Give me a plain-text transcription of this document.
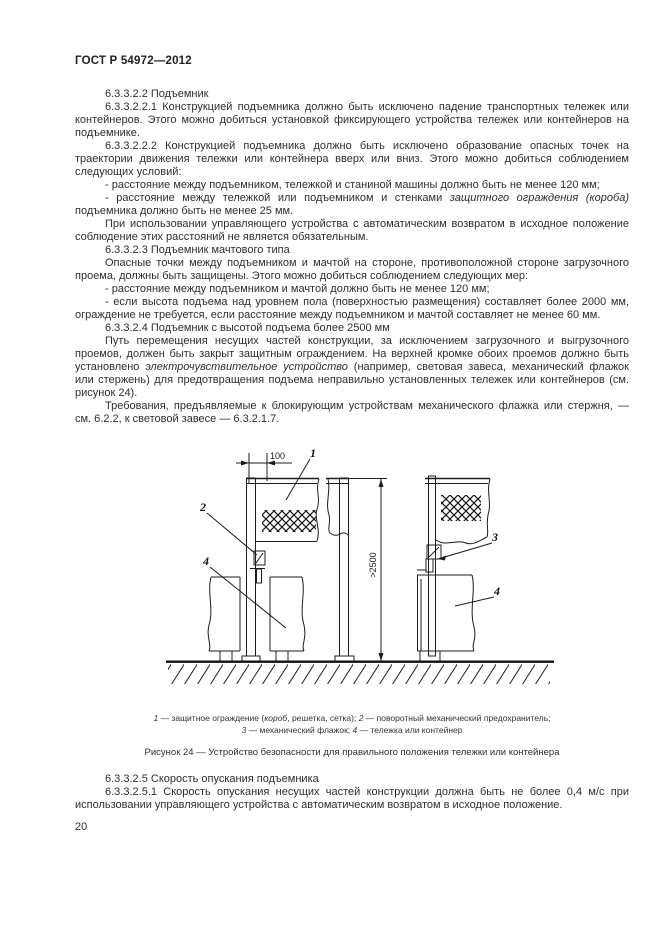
ГОСТ Р 54972—2012

6.3.3.2.2 Подъемник

6.3.3.2.2.1 Конструкцией подъемника должно быть исключено падение транспортных тележек или контейнеров. Этого можно добиться установкой фиксирующего устройства тележек или контейнеров на подъемнике.

6.3.3.2.2.2 Конструкцией подъемника должно быть исключено образование опасных точек на траектории движения тележки или контейнера вверх или вниз. Этого можно добиться соблюдением следующих условий:

- расстояние между подъемником, тележкой и станиной машины должно быть не менее 120 мм;

- расстояние между тележкой или подъемником и стенками защитного ограждения (короба) подъемника должно быть не менее 25 мм.

При использовании управляющего устройства с автоматическим возвратом в исходное положение соблюдение этих расстояний не является обязательным.

6.3.3.2.3 Подъемник мачтового типа

Опасные точки между подъемником и мачтой на стороне, противоположной стороне загрузочного проема, должны быть защищены. Этого можно добиться соблюдением следующих мер:

- расстояние между подъемником и мачтой должно быть не менее 120 мм;

- если высота подъема над уровнем пола (поверхностью размещения) составляет более 2000 мм, ограждение не требуется, если расстояние между подъемником и мачтой составляет не менее 60 мм.

6.3.3.2.4 Подъемник с высотой подъема более 2500 мм

Путь перемещения несущих частей конструкции, за исключением загрузочного и выгрузочного проемов, должен быть закрыт защитным ограждением. На верхней кромке обоих проемов должно быть установлено электрочувствительное устройство (например, световая завеса, механический флажок или стержень) для предотвращения подъема неправильно установленных тележек или контейнеров (см. рисунок 24).

Требования, предъявляемые к блокирующим устройствам механического флажка или стержня, — см. 6.2.2, к световой завесе — 6.3.2.1.7.

100
>2500
1
2
4
3
4
1 — защитное ограждение (короб, решетка, сетка); 2 — поворотный механический предохранитель;
3 — механический флажок; 4 — тележка или контейнер
Рисунок 24 — Устройство безопасности для правильного положения тележки или контейнера

6.3.3.2.5 Скорость опускания подъемника

6.3.3.2.5.1 Скорость опускания несущих частей конструкции должна быть не более 0,4 м/с при использовании управляющего устройства с автоматическим возвратом в исходное положение.

20
